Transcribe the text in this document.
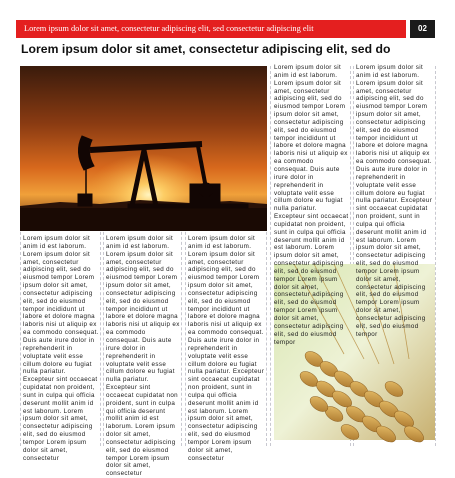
Lorem ipsum dolor sit amet, consectetur adipiscing elit, sed consectetur adipiscing elit	02
Lorem ipsum dolor sit amet, consectetur adipiscing elit, sed do
Lorem ipsum dolor sit anim id est laborum. Lorem ipsum dolor sit amet, consectetur adipiscing elit, sed do eiusmod tempor Lorem ipsum dolor sit amet, consectetur adipiscing elit, sed do eiusmod tempor incididunt ut labore et dolore magna laboris nisi ut aliquip ex ea commodo consequat. Duis aute irure dolor in reprehenderit in voluptate velit esse cillum dolore eu fugiat nulla pariatur. Excepteur sint occaecat cupidatat non proident, sunt in culpa qui officia deserunt mollit anim id est laborum. Lorem ipsum dolor sit amet, consectetur adipiscing elit, sed do eiusmod tempor Lorem ipsum dolor sit amet, consectetur
Lorem ipsum dolor sit anim id est laborum. Lorem ipsum dolor sit amet, consectetur adipiscing elit, sed do eiusmod tempor Lorem ipsum dolor sit amet, consectetur adipiscing elit, sed do eiusmod tempor incididunt ut labore et dolore magna laboris nisi ut aliquip ex ea commodo consequat. Duis aute irure dolor in reprehenderit in voluptate velit esse cillum dolore eu fugiat nulla pariatur. Excepteur sint occaecat cupidatat non proident, sunt in culpa qui officia deserunt mollit anim id est laborum. Lorem ipsum dolor sit amet, consectetur adipiscing elit, sed do eiusmod tempor Lorem ipsum dolor sit amet, consectetur
Lorem ipsum dolor sit anim id est laborum. Lorem ipsum dolor sit amet, consectetur adipiscing elit, sed do eiusmod tempor Lorem ipsum dolor sit amet, consectetur adipiscing elit, sed do eiusmod tempor incididunt ut labore et dolore magna laboris nisi ut aliquip ex ea commodo consequat. Duis aute irure dolor in reprehenderit in voluptate velit esse cillum dolore eu fugiat nulla pariatur. Excepteur sint occaecat cupidatat non proident, sunt in culpa qui officia deserunt mollit anim id est laborum. Lorem ipsum dolor sit amet, consectetur adipiscing elit, sed do eiusmod tempor Lorem ipsum dolor sit amet, consectetur
Lorem ipsum dolor sit anim id est laborum. Lorem ipsum dolor sit amet, consectetur adipiscing elit, sed do eiusmod tempor Lorem ipsum dolor sit amet, consectetur adipiscing elit, sed do eiusmod tempor incididunt ut labore et dolore magna laboris nisi ut aliquip ex ea commodo consequat. Duis aute irure dolor in reprehenderit in voluptate velit esse cillum dolore eu fugiat nulla pariatur. Excepteur sint occaecat cupidatat non proident, sunt in culpa qui officia deserunt mollit anim id est laborum. Lorem ipsum dolor sit amet, consectetur adipiscing elit, sed do eiusmod tempor Lorem ipsum dolor sit amet, consectetur adipiscing elit, sed do eiusmod tempor Lorem ipsum dolor sit amet, consectetur adipiscing elit, sed do eiusmod tempor
Lorem ipsum dolor sit anim id est laborum. Lorem ipsum dolor sit amet, consectetur adipiscing elit, sed do eiusmod tempor Lorem ipsum dolor sit amet, consectetur adipiscing elit, sed do eiusmod tempor incididunt ut labore et dolore magna laboris nisi ut aliquip ex ea commodo consequat. Duis aute irure dolor in reprehenderit in voluptate velit esse cillum dolore eu fugiat nulla pariatur. Excepteur sint occaecat cupidatat non proident, sunt in culpa qui officia deserunt mollit anim id est laborum. Lorem ipsum dolor sit amet, consectetur adipiscing elit, sed do eiusmod tempor Lorem ipsum dolor sit amet, consectetur adipiscing elit, sed do eiusmod tempor Lorem ipsum dolor sit amet, consectetur adipiscing elit, sed do eiusmod tempor
